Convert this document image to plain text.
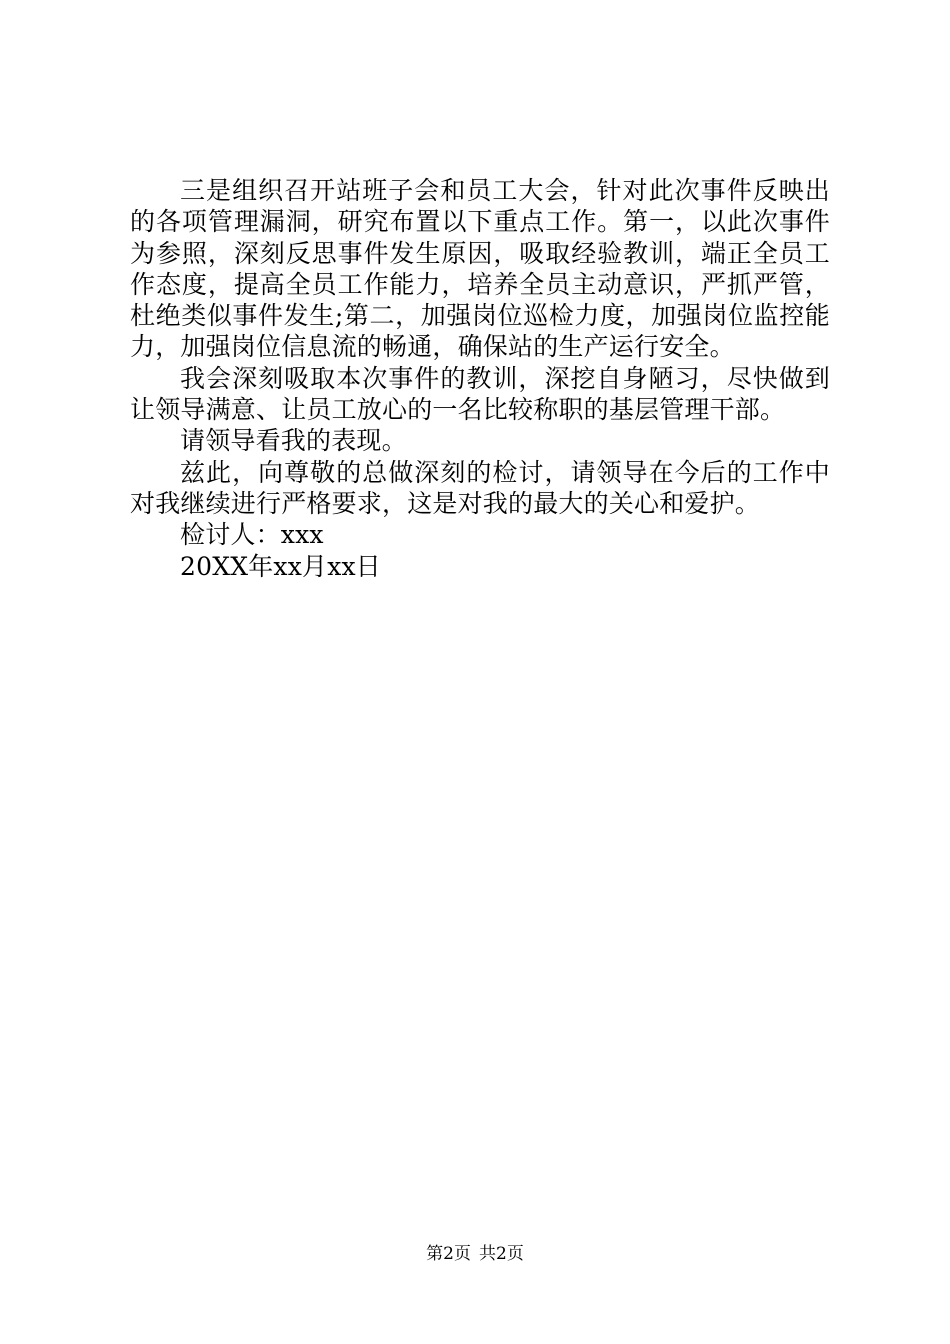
三是组织召开站班子会和员工大会，针对此次事件反映出的各项管理漏洞，研究布置以下重点工作。第一，以此次事件为参照，深刻反思事件发生原因，吸取经验教训，端正全员工作态度，提高全员工作能力，培养全员主动意识，严抓严管，杜绝类似事件发生;第二，加强岗位巡检力度，加强岗位监控能力，加强岗位信息流的畅通，确保站的生产运行安全。

我会深刻吸取本次事件的教训，深挖自身陋习，尽快做到让领导满意、让员工放心的一名比较称职的基层管理干部。

请领导看我的表现。

兹此，向尊敬的总做深刻的检讨，请领导在今后的工作中对我继续进行严格要求，这是对我的最大的关心和爱护。

检讨人：xxx

20XX年xx月xx日

第2页 共2页
